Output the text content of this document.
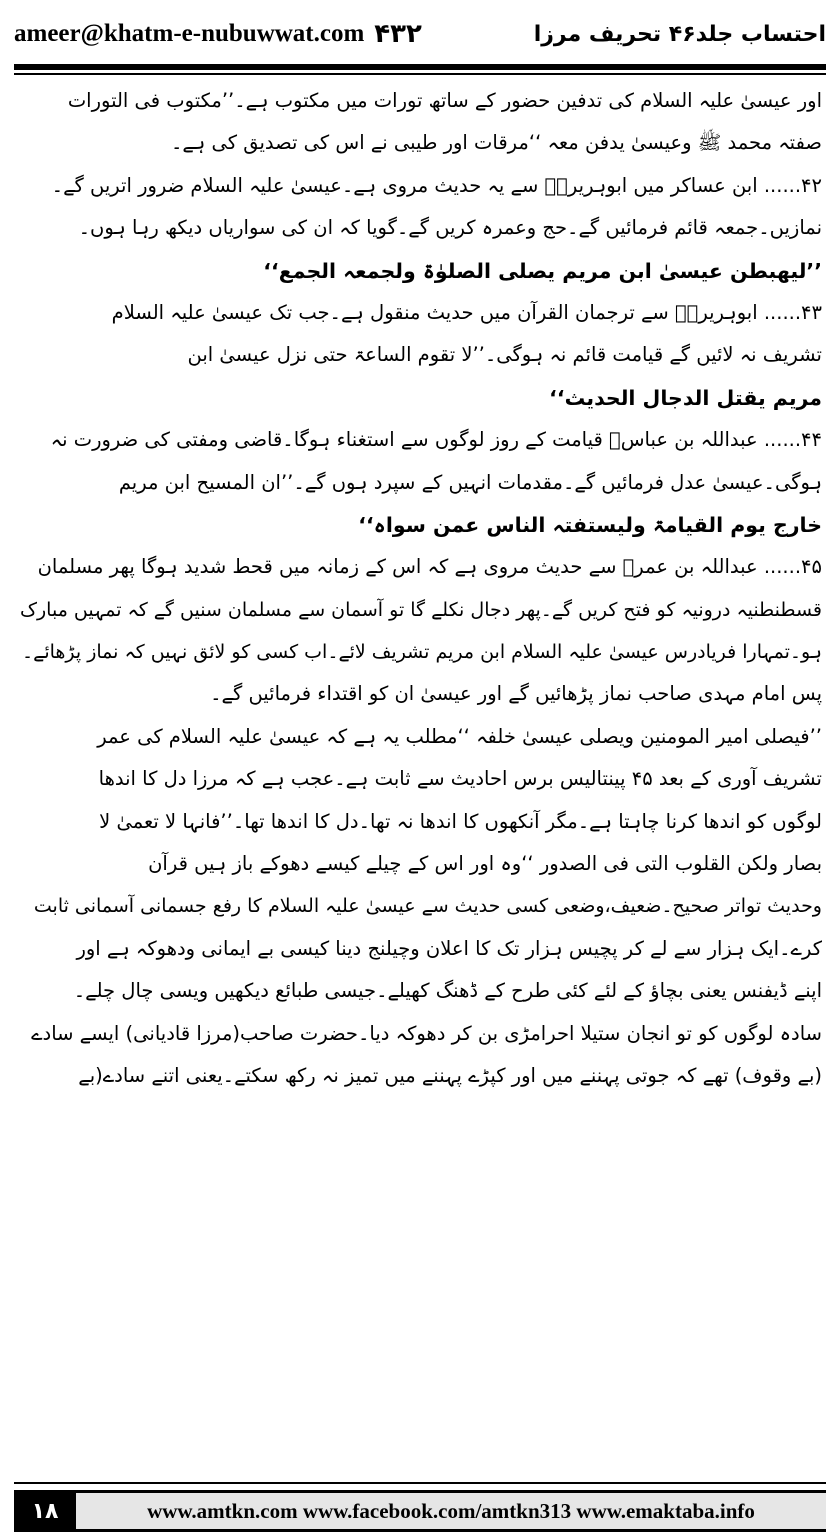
ameer@khatm-e-nubuwwat.com ۴۳۲	احتساب جلد۴۶ تحریف مرزا
اور عیسیٰ علیہ السلام کی تدفین حضور کے ساتھ تورات میں مکتوب ہے۔’’مکتوب فی التورات
صفتہ محمد ﷺ وعیسیٰ یدفن معہ ‘‘مرقات اور طیبی نے اس کی تصدیق کی ہے۔
۴۲...... ابن عساکر میں ابوہریرہؓ سے یہ حدیث مروی ہے۔عیسیٰ علیہ السلام ضرور اتریں گے۔
نمازیں۔جمعہ قائم فرمائیں گے۔حج وعمرہ کریں گے۔گویا کہ ان کی سواریاں دیکھ رہا ہوں۔
’’لیھبطن عیسیٰ ابن مریم یصلی الصلوٰۃ ولجمعہ الجمع‘‘
۴۳...... ابوہریرہؓ سے ترجمان القرآن میں حدیث منقول ہے۔جب تک عیسیٰ علیہ السلام
تشریف نہ لائیں گے قیامت قائم نہ ہوگی۔’’لا تقوم الساعۃ حتی نزل عیسیٰ ابن
مریم یقتل الدجال الحدیث‘‘
۴۴...... عبداللہ بن عباسؓ قیامت کے روز لوگوں سے استغناء ہوگا۔قاضی ومفتی کی ضرورت نہ
ہوگی۔عیسیٰ عدل فرمائیں گے۔مقدمات انہیں کے سپرد ہوں گے۔’’ان المسیح ابن مریم
خارج یوم القیامۃ ولیستفتہ الناس عمن سواہ‘‘
۴۵...... عبداللہ بن عمرؓ سے حدیث مروی ہے کہ اس کے زمانہ میں قحط شدید ہوگا پھر مسلمان
قسطنطنیہ درونیہ کو فتح کریں گے۔پھر دجال نکلے گا تو آسمان سے مسلمان سنیں گے کہ تمہیں مبارک
ہو۔تمہارا فریادرس عیسیٰ علیہ السلام ابن مریم تشریف لائے۔اب کسی کو لائق نہیں کہ نماز پڑھائے۔
پس امام مہدی صاحب نماز پڑھائیں گے اور عیسیٰ ان کو اقتداء فرمائیں گے۔
’’فیصلی امیر المومنین ویصلی عیسیٰ خلفہ ‘‘مطلب یہ ہے کہ عیسیٰ علیہ السلام کی عمر
تشریف آوری کے بعد ۴۵ پینتالیس برس احادیث سے ثابت ہے۔عجب ہے کہ مرزا دل کا اندھا
لوگوں کو اندھا کرنا چاہتا ہے۔مگر آنکھوں کا اندھا نہ تھا۔دل کا اندھا تھا۔’’فانہا لا تعمیٰ لا
بصار ولکن القلوب التی فی الصدور ‘‘وہ اور اس کے چیلے کیسے دھوکے باز ہیں قرآن
وحدیث تواتر صحیح۔ضعیف،وضعی کسی حدیث سے عیسیٰ علیہ السلام کا رفع جسمانی آسمانی ثابت
کرے۔ایک ہزار سے لے کر پچیس ہزار تک کا اعلان وچیلنج دینا کیسی بے ایمانی ودھوکہ ہے اور
اپنے ڈیفنس یعنی بچاؤ کے لئے کئی طرح کے ڈھنگ کھیلے۔جیسی طبائع دیکھیں ویسی چال چلے۔
سادہ لوگوں کو تو انجان ستیلا احرامڑی بن کر دھوکہ دیا۔حضرت صاحب(مرزا قادیانی) ایسے سادے
(بے وقوف) تھے کہ جوتی پہننے میں اور کپڑے پہننے میں تمیز نہ رکھ سکتے۔یعنی اتنے سادے(بے
۱۸	www.amtkn.com www.facebook.com/amtkn313 www.emaktaba.info
